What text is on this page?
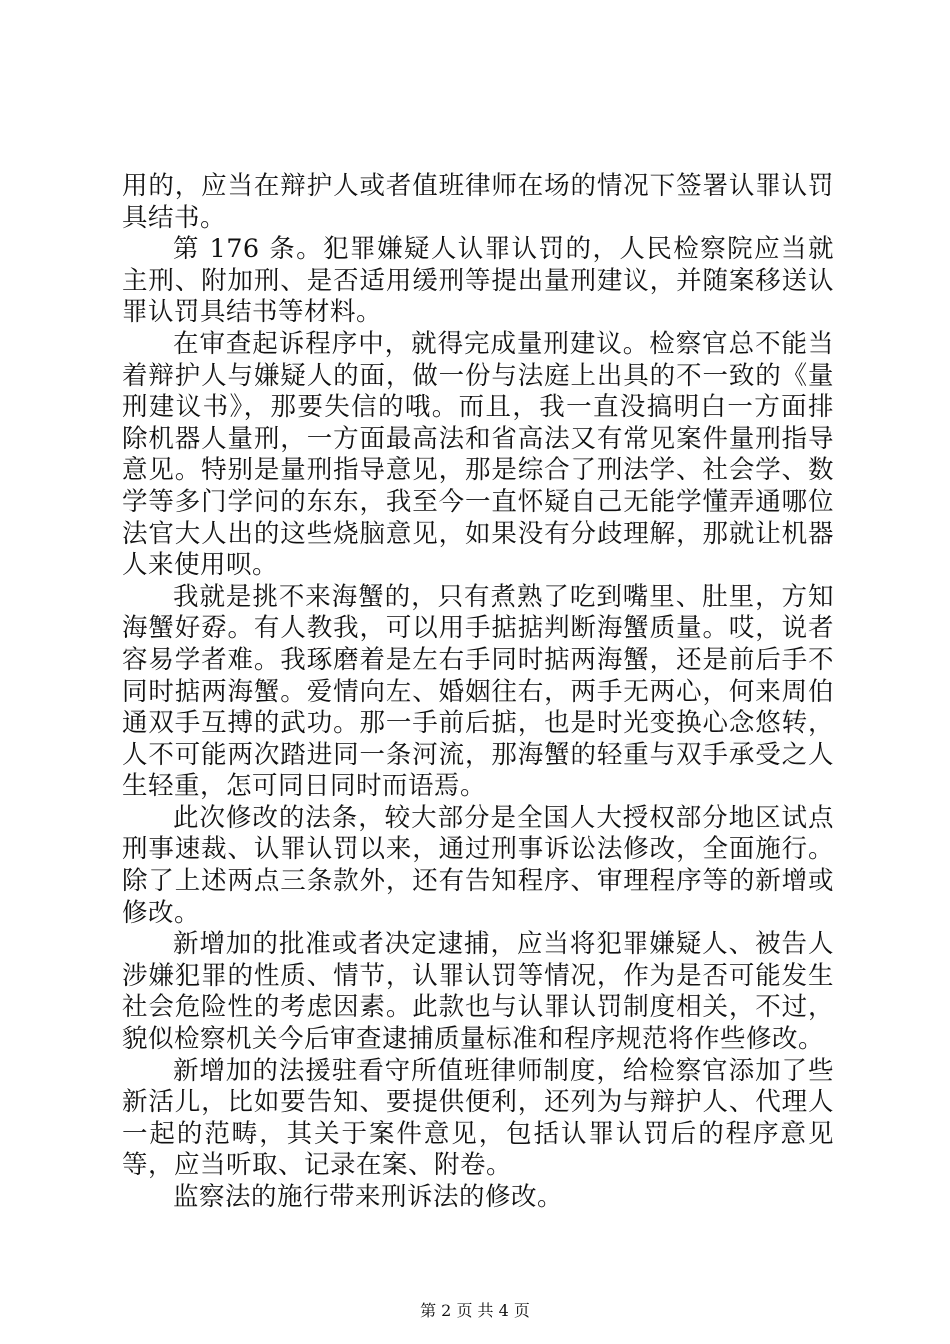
用的，应当在辩护人或者值班律师在场的情况下签署认罪认罚具结书。

第 176 条。犯罪嫌疑人认罪认罚的，人民检察院应当就主刑、附加刑、是否适用缓刑等提出量刑建议，并随案移送认罪认罚具结书等材料。

在审查起诉程序中，就得完成量刑建议。检察官总不能当着辩护人与嫌疑人的面，做一份与法庭上出具的不一致的《量刑建议书》，那要失信的哦。而且，我一直没搞明白一方面排除机器人量刑，一方面最高法和省高法又有常见案件量刑指导意见。特别是量刑指导意见，那是综合了刑法学、社会学、数学等多门学问的东东，我至今一直怀疑自己无能学懂弄通哪位法官大人出的这些烧脑意见，如果没有分歧理解，那就让机器人来使用呗。

我就是挑不来海蟹的，只有煮熟了吃到嘴里、肚里，方知海蟹好孬。有人教我，可以用手掂掂判断海蟹质量。哎，说者容易学者难。我琢磨着是左右手同时掂两海蟹，还是前后手不同时掂两海蟹。爱情向左、婚姻往右，两手无两心，何来周伯通双手互搏的武功。那一手前后掂，也是时光变换心念悠转，人不可能两次踏进同一条河流，那海蟹的轻重与双手承受之人生轻重，怎可同日同时而语焉。

此次修改的法条，较大部分是全国人大授权部分地区试点刑事速裁、认罪认罚以来，通过刑事诉讼法修改，全面施行。除了上述两点三条款外，还有告知程序、审理程序等的新增或修改。

新增加的批准或者决定逮捕，应当将犯罪嫌疑人、被告人涉嫌犯罪的性质、情节，认罪认罚等情况，作为是否可能发生社会危险性的考虑因素。此款也与认罪认罚制度相关，不过，貌似检察机关今后审查逮捕质量标准和程序规范将作些修改。

新增加的法援驻看守所值班律师制度，给检察官添加了些新活儿，比如要告知、要提供便利，还列为与辩护人、代理人一起的范畴，其关于案件意见，包括认罪认罚后的程序意见等，应当听取、记录在案、附卷。

监察法的施行带来刑诉法的修改。

第 2 页 共 4 页
